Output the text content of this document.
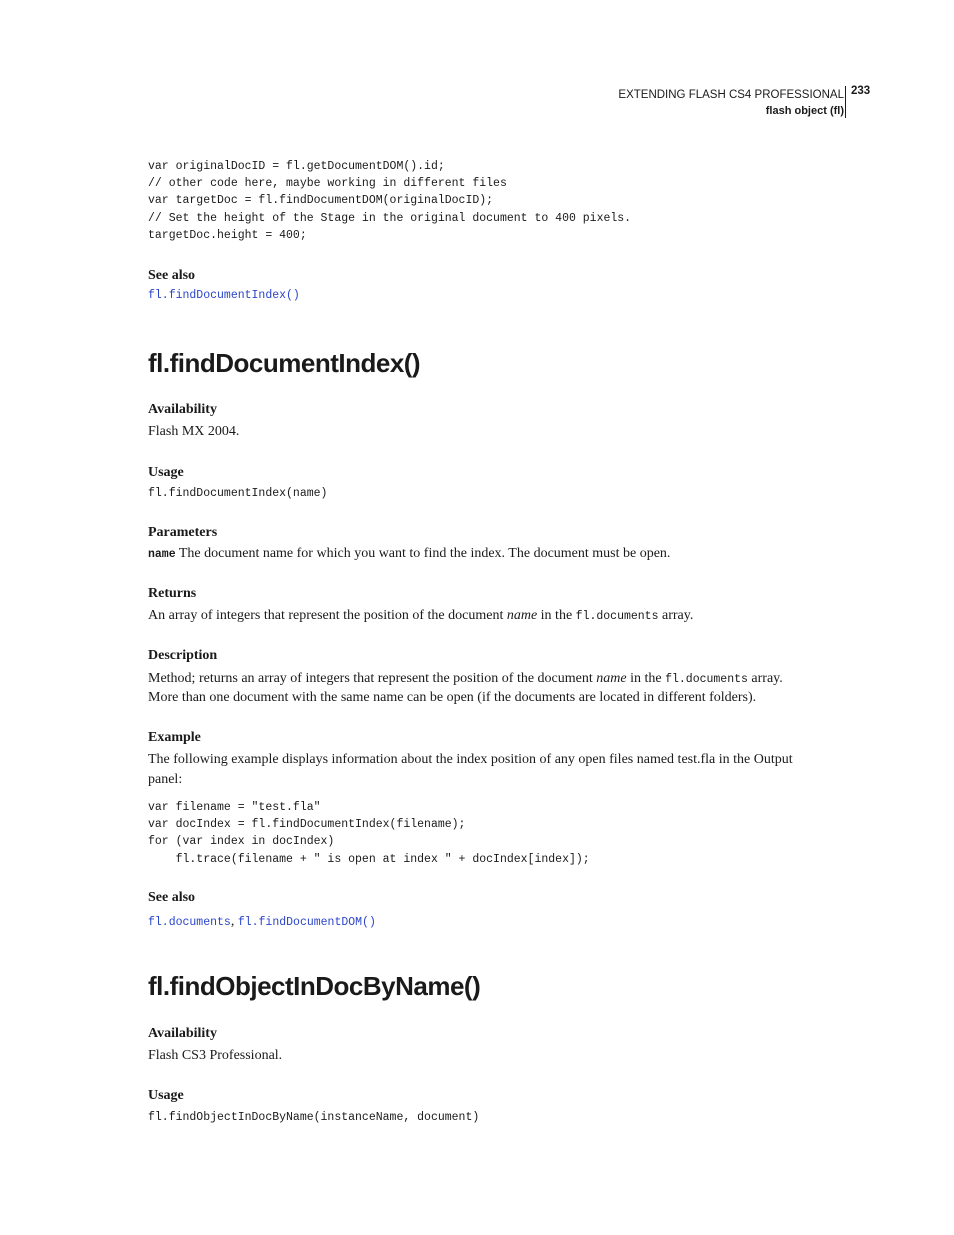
EXTENDING FLASH CS4 PROFESSIONAL
flash object (fl)
233
var originalDocID = fl.getDocumentDOM().id;
// other code here, maybe working in different files
var targetDoc = fl.findDocumentDOM(originalDocID);
// Set the height of the Stage in the original document to 400 pixels.
targetDoc.height = 400;
See also
fl.findDocumentIndex()
fl.findDocumentIndex()
Availability
Flash MX 2004.
Usage
fl.findDocumentIndex(name)
Parameters
name The document name for which you want to find the index. The document must be open.
Returns
An array of integers that represent the position of the document name in the fl.documents array.
Description
Method; returns an array of integers that represent the position of the document name in the fl.documents array.
More than one document with the same name can be open (if the documents are located in different folders).
Example
The following example displays information about the index position of any open files named test.fla in the Output
panel:
var filename = "test.fla"
var docIndex = fl.findDocumentIndex(filename);
for (var index in docIndex)
fl.trace(filename + " is open at index " + docIndex[index]);
See also
fl.documents, fl.findDocumentDOM()
fl.findObjectInDocByName()
Availability
Flash CS3 Professional.
Usage
fl.findObjectInDocByName(instanceName, document)
